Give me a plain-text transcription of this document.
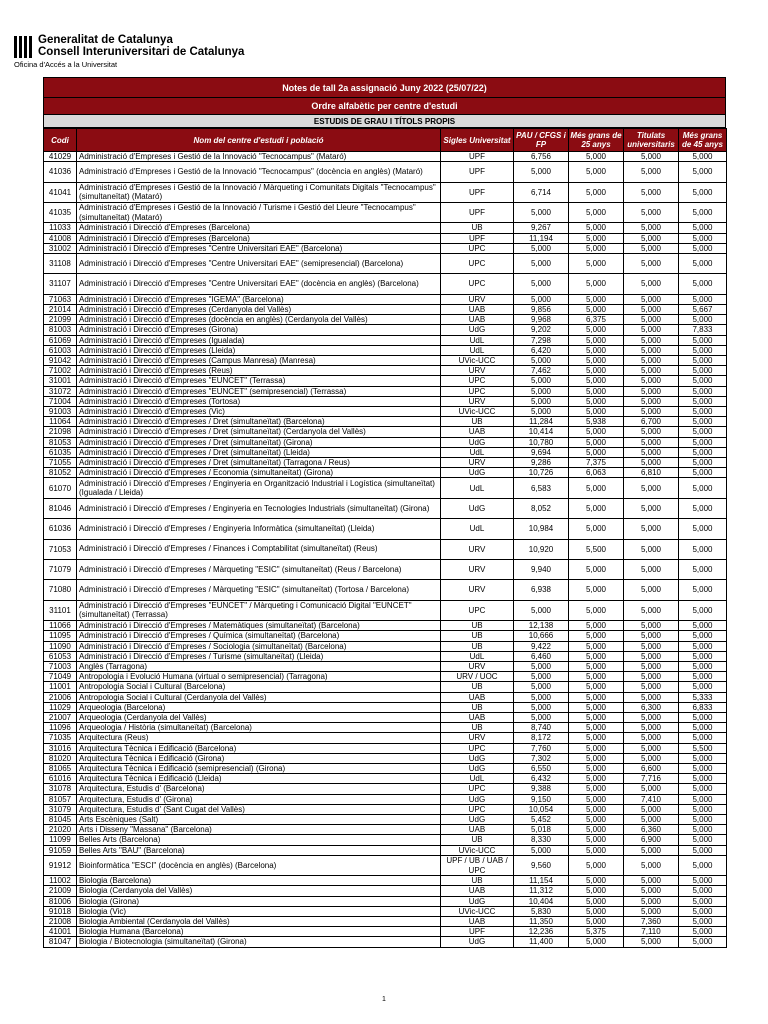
Generalitat de Catalunya
Consell Interuniversitari de Catalunya
Oficina d'Accés a la Universitat
Notes de tall 2a assignació Juny 2022 (25/07/22)
Ordre alfabètic per centre d'estudi
ESTUDIS DE GRAU I TÍTOLS PROPIS
Codi	Nom del centre d'estudi i població	Sigles Universitat	PAU / CFGS i FP	Més grans de 25 anys	Titulats universitaris	Més grans de 45 anys
41029	Administració d'Empreses i Gestió de la Innovació "Tecnocampus" (Mataró)	UPF	6,756	5,000	5,000	5,000
41036	Administració d'Empreses i Gestió de la Innovació "Tecnocampus" (docència en anglès) (Mataró)	UPF	5,000	5,000	5,000	5,000
41041	Administració d'Empreses i Gestió de la Innovació / Màrqueting i Comunitats Digitals "Tecnocampus" (simultaneïtat) (Mataró)	UPF	6,714	5,000	5,000	5,000
41035	Administració d'Empreses i Gestió de la Innovació / Turisme i Gestió del Lleure "Tecnocampus" (simultaneïtat) (Mataró)	UPF	5,000	5,000	5,000	5,000
11033	Administració i Direcció d'Empreses (Barcelona)	UB	9,267	5,000	5,000	5,000
41008	Administració i Direcció d'Empreses (Barcelona)	UPF	11,194	5,000	5,000	5,000
31002	Administració i Direcció d'Empreses "Centre Universitari EAE" (Barcelona)	UPC	5,000	5,000	5,000	5,000
31108	Administració i Direcció d'Empreses "Centre Universitari EAE" (semipresencial) (Barcelona)	UPC	5,000	5,000	5,000	5,000
31107	Administració i Direcció d'Empreses "Centre Universitari EAE" (docència en anglès) (Barcelona)	UPC	5,000	5,000	5,000	5,000
71063	Administració i Direcció d'Empreses "IGEMA" (Barcelona)	URV	5,000	5,000	5,000	5,000
21014	Administració i Direcció d'Empreses (Cerdanyola del Vallès)	UAB	9,856	5,000	5,000	5,667
21099	Administració i Direcció d'Empreses (docència en anglès) (Cerdanyola del Vallès)	UAB	9,968	6,375	5,000	5,000
81003	Administració i Direcció d'Empreses (Girona)	UdG	9,202	5,000	5,000	7,833
61069	Administració i Direcció d'Empreses (Igualada)	UdL	7,298	5,000	5,000	5,000
61003	Administració i Direcció d'Empreses (Lleida)	UdL	6,420	5,000	5,000	5,000
91042	Administració i Direcció d'Empreses (Campus Manresa) (Manresa)	UVic-UCC	5,000	5,000	5,000	5,000
71002	Administració i Direcció d'Empreses (Reus)	URV	7,462	5,000	5,000	5,000
31001	Administració i Direcció d'Empreses "EUNCET" (Terrassa)	UPC	5,000	5,000	5,000	5,000
31072	Administració i Direcció d'Empreses "EUNCET" (semipresencial) (Terrassa)	UPC	5,000	5,000	5,000	5,000
71004	Administració i Direcció d'Empreses (Tortosa)	URV	5,000	5,000	5,000	5,000
91003	Administració i Direcció d'Empreses (Vic)	UVic-UCC	5,000	5,000	5,000	5,000
11064	Administració i Direcció d'Empreses / Dret (simultaneïtat) (Barcelona)	UB	11,284	5,938	6,700	5,000
21098	Administració i Direcció d'Empreses / Dret (simultaneïtat) (Cerdanyola del Vallès)	UAB	10,414	5,000	5,000	5,000
81053	Administració i Direcció d'Empreses / Dret (simultaneïtat) (Girona)	UdG	10,780	5,000	5,000	5,000
61035	Administració i Direcció d'Empreses / Dret (simultaneïtat) (Lleida)	UdL	9,694	5,000	5,000	5,000
71055	Administració i Direcció d'Empreses / Dret (simultaneïtat) (Tarragona / Reus)	URV	9,286	7,375	5,000	5,000
81052	Administració i Direcció d'Empreses / Economia (simultaneïtat) (Girona)	UdG	10,726	6,063	6,810	5,000
61070	Administració i Direcció d'Empreses / Enginyeria en Organització Industrial i Logística (simultaneïtat) (Igualada / Lleida)	UdL	6,583	5,000	5,000	5,000
81046	Administració i Direcció d'Empreses / Enginyeria en Tecnologies Industrials (simultaneïtat) (Girona)	UdG	8,052	5,000	5,000	5,000
61036	Administració i Direcció d'Empreses / Enginyeria Informàtica (simultaneïtat) (Lleida)	UdL	10,984	5,000	5,000	5,000
71053	Administració i Direcció d'Empreses / Finances i Comptabilitat (simultaneïtat) (Reus)	URV	10,920	5,500	5,000	5,000
71079	Administració i Direcció d'Empreses / Màrqueting "ESIC" (simultaneïtat) (Reus / Barcelona)	URV	9,940	5,000	5,000	5,000
71080	Administració i Direcció d'Empreses / Màrqueting "ESIC" (simultaneïtat) (Tortosa / Barcelona)	URV	6,938	5,000	5,000	5,000
31101	Administració i Direcció d'Empreses "EUNCET" / Màrqueting i Comunicació Digital "EUNCET" (simultaneïtat) (Terrassa)	UPC	5,000	5,000	5,000	5,000
11066	Administració i Direcció d'Empreses / Matemàtiques (simultaneïtat) (Barcelona)	UB	12,138	5,000	5,000	5,000
11095	Administració i Direcció d'Empreses / Química (simultaneïtat) (Barcelona)	UB	10,666	5,000	5,000	5,000
11090	Administració i Direcció d'Empreses / Sociologia (simultaneïtat) (Barcelona)	UB	9,422	5,000	5,000	5,000
61053	Administració i Direcció d'Empreses / Turisme (simultaneïtat) (Lleida)	UdL	6,460	5,000	5,000	5,000
71003	Anglès (Tarragona)	URV	5,000	5,000	5,000	5,000
71049	Antropologia i Evolució Humana (virtual o semipresencial) (Tarragona)	URV / UOC	5,000	5,000	5,000	5,000
11001	Antropologia Social i Cultural (Barcelona)	UB	5,000	5,000	5,000	5,000
21006	Antropologia Social i Cultural (Cerdanyola del Vallès)	UAB	5,000	5,000	5,000	5,333
11029	Arqueologia (Barcelona)	UB	5,000	5,000	6,300	6,833
21007	Arqueologia (Cerdanyola del Vallès)	UAB	5,000	5,000	5,000	5,000
11096	Arqueologia / Història (simultaneïtat) (Barcelona)	UB	8,740	5,000	5,000	5,000
71035	Arquitectura (Reus)	URV	8,172	5,000	5,000	5,000
31016	Arquitectura Tècnica i Edificació (Barcelona)	UPC	7,760	5,000	5,000	5,500
81020	Arquitectura Tècnica i Edificació (Girona)	UdG	7,302	5,000	5,000	5,000
81065	Arquitectura Tècnica i Edificació (semipresencial) (Girona)	UdG	6,550	5,000	6,600	5,000
61016	Arquitectura Tècnica i Edificació (Lleida)	UdL	6,432	5,000	7,716	5,000
31078	Arquitectura, Estudis d' (Barcelona)	UPC	9,388	5,000	5,000	5,000
81057	Arquitectura, Estudis d' (Girona)	UdG	9,150	5,000	7,410	5,000
31079	Arquitectura, Estudis d' (Sant Cugat del Vallès)	UPC	10,054	5,000	5,000	5,000
81045	Arts Escèniques (Salt)	UdG	5,452	5,000	5,000	5,000
21020	Arts i Disseny "Massana" (Barcelona)	UAB	5,018	5,000	6,360	5,000
11099	Belles Arts (Barcelona)	UB	8,330	5,000	6,900	5,000
91059	Belles Arts "BAU" (Barcelona)	UVic-UCC	5,000	5,000	5,000	5,000
91912	Bioinformàtica "ESCI" (docència en anglès) (Barcelona)	UPF / UB / UAB / UPC	9,560	5,000	5,000	5,000
11002	Biologia (Barcelona)	UB	11,154	5,000	5,000	5,000
21009	Biologia (Cerdanyola del Vallès)	UAB	11,312	5,000	5,000	5,000
81006	Biologia (Girona)	UdG	10,404	5,000	5,000	5,000
91018	Biologia (Vic)	UVic-UCC	5,830	5,000	5,000	5,000
21008	Biologia Ambiental (Cerdanyola del Vallès)	UAB	11,350	5,000	7,360	5,000
41001	Biologia Humana (Barcelona)	UPF	12,236	5,375	7,110	5,000
81047	Biologia / Biotecnologia (simultaneïtat) (Girona)	UdG	11,400	5,000	5,000	5,000
1
